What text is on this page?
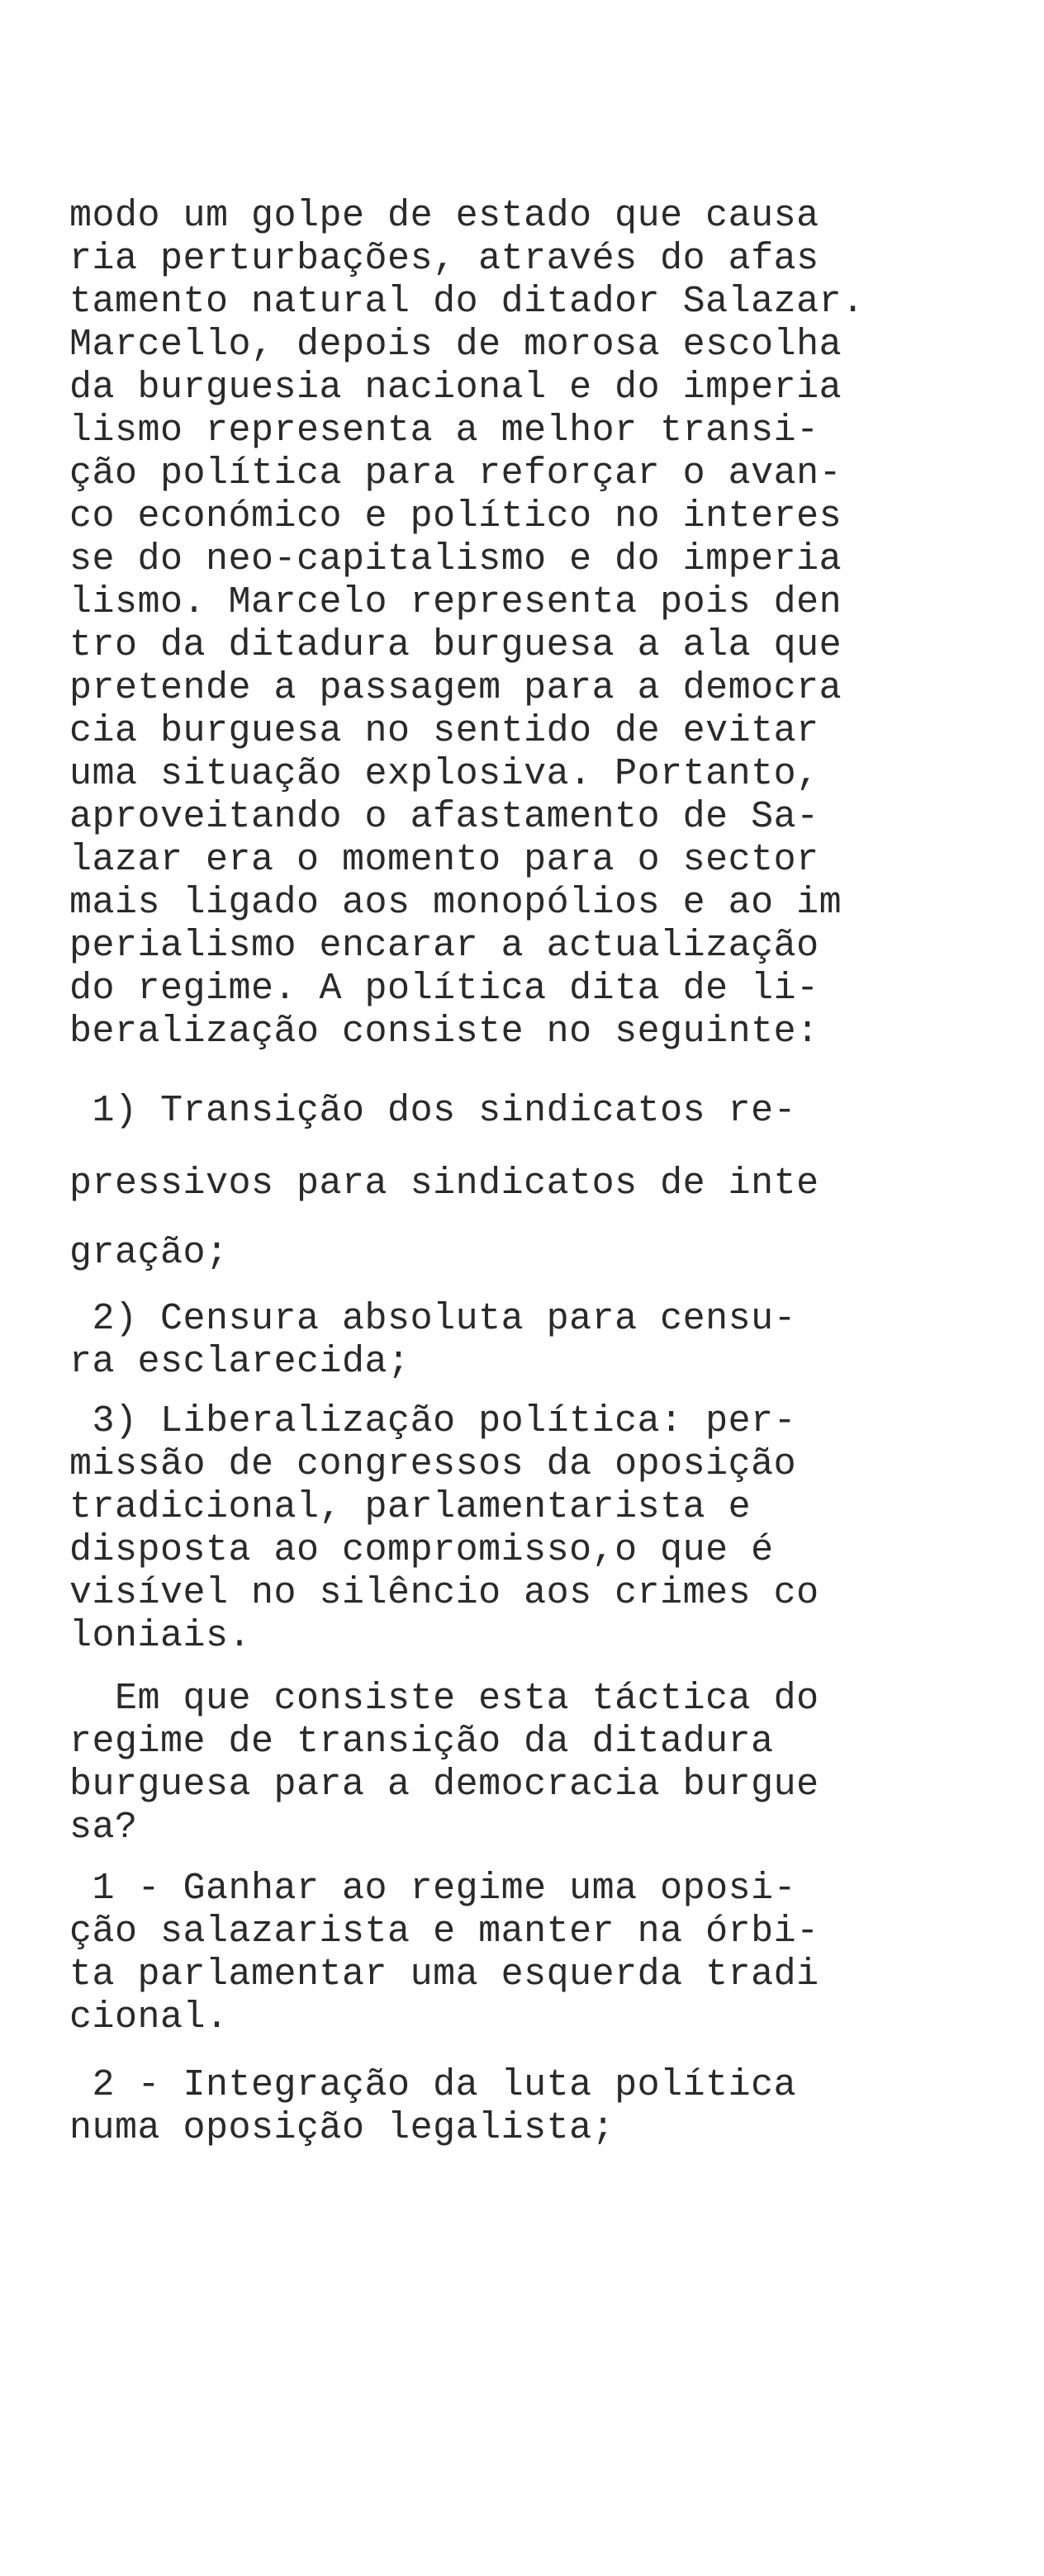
modo um golpe de estado que causa
ria perturbações, através do afas
tamento natural do ditador Salazar.
Marcello, depois de morosa escolha
da burguesia nacional e do imperia
lismo representa a melhor transi-
ção política para reforçar o avan-
co económico e político no interes
se do neo-capitalismo e do imperia
lismo. Marcelo representa pois den
tro da ditadura burguesa a ala que
pretende a passagem para a democra
cia burguesa no sentido de evitar
uma situação explosiva. Portanto,
aproveitando o afastamento de Sa-
lazar era o momento para o sector
mais ligado aos monopólios e ao im
perialismo encarar a actualização
do regime. A política dita de li-
beralização consiste no seguinte:
1) Transição dos sindicatos re-
pressivos para sindicatos de inte
gração;
2) Censura absoluta para censu-
ra esclarecida;
3) Liberalização política: per-
missão de congressos da oposição
tradicional, parlamentarista e
disposta ao compromisso,o que é
visível no silêncio aos crimes co
loniais.
Em que consiste esta táctica do
regime de transição da ditadura
burguesa para a democracia burgue
sa?
1 - Ganhar ao regime uma oposi-
ção salazarista e manter na órbi-
ta parlamentar uma esquerda tradi
cional.
2 - Integração da luta política
numa oposição legalista;
